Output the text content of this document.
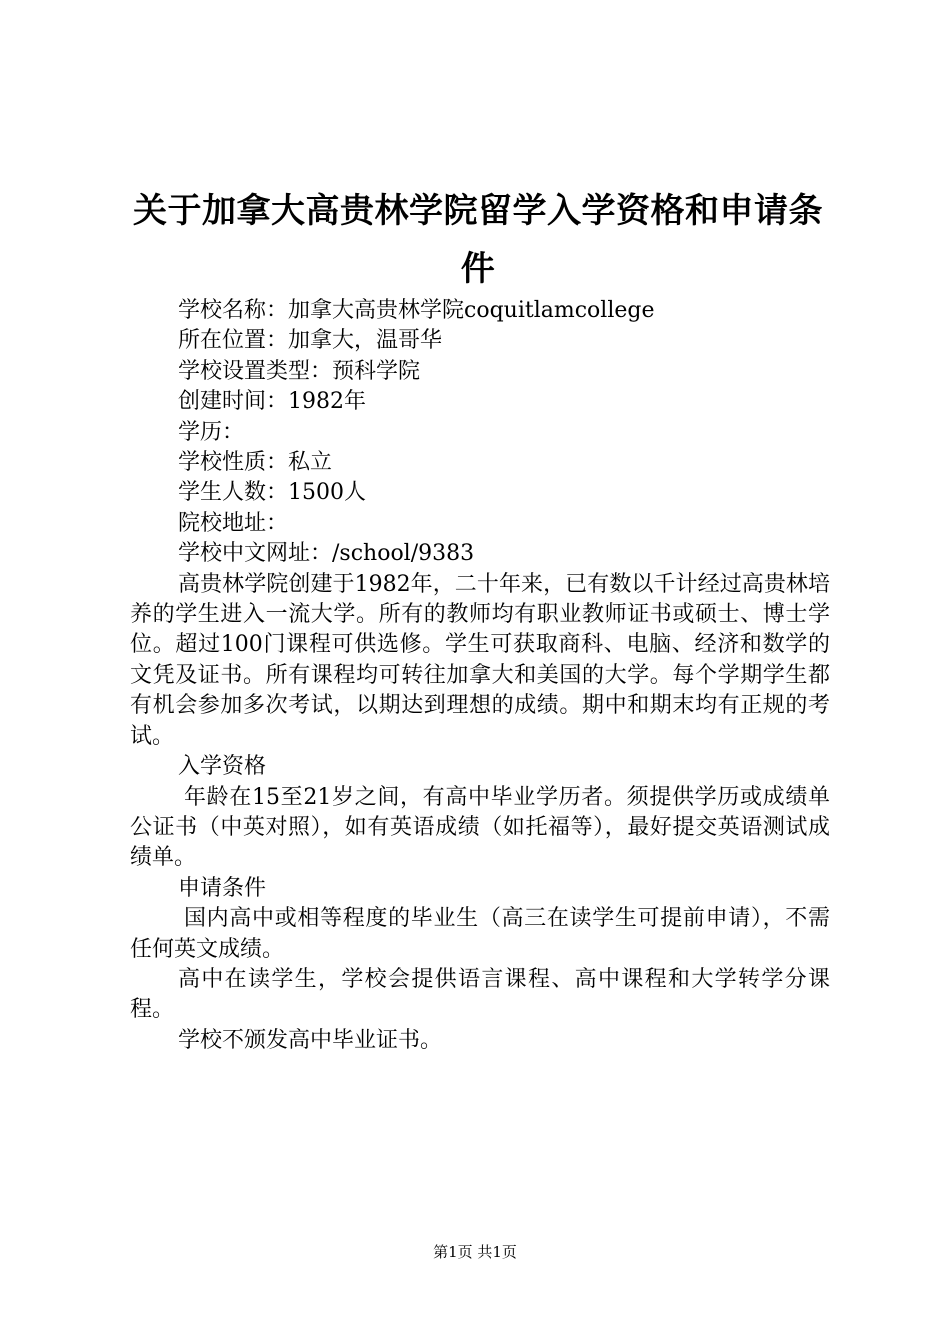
关于加拿大高贵林学院留学入学资格和申请条件

学校名称：加拿大高贵林学院coquitlamcollege

所在位置：加拿大，温哥华

学校设置类型：预科学院

创建时间：1982年

学历：

学校性质：私立

学生人数：1500人

院校地址：

学校中文网址：/school/9383

高贵林学院创建于1982年，二十年来，已有数以千计经过高贵林培养的学生进入一流大学。所有的教师均有职业教师证书或硕士、博士学位。超过100门课程可供选修。学生可获取商科、电脑、经济和数学的文凭及证书。所有课程均可转往加拿大和美国的大学。每个学期学生都有机会参加多次考试，以期达到理想的成绩。期中和期末均有正规的考试。

入学资格

年龄在15至21岁之间，有高中毕业学历者。须提供学历或成绩单公证书（中英对照），如有英语成绩（如托福等），最好提交英语测试成绩单。

申请条件

国内高中或相等程度的毕业生（高三在读学生可提前申请），不需任何英文成绩。

高中在读学生，学校会提供语言课程、高中课程和大学转学分课程。

学校不颁发高中毕业证书。

第1页 共1页
